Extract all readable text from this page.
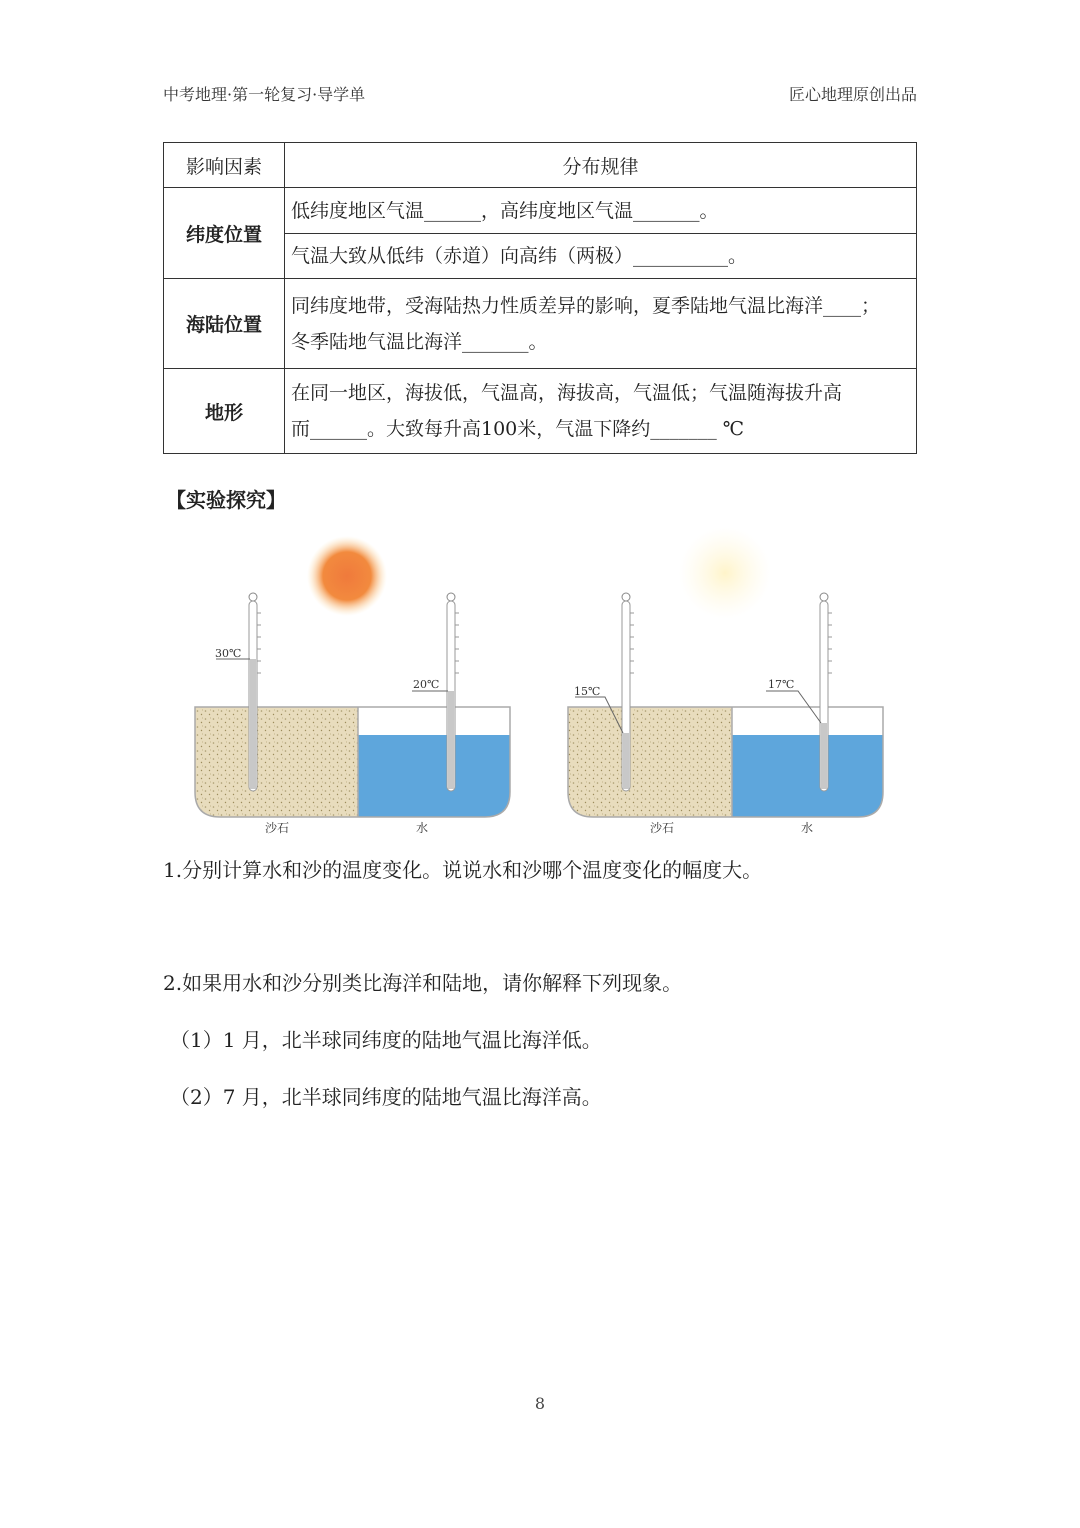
中考地理·第一轮复习·导学单	匠心地理原创出品
影响因素	分布规律
纬度位置	低纬度地区气温______，高纬度地区气温_______。
	气温大致从低纬（赤道）向高纬（两极）__________。
海陆位置	同纬度地带，受海陆热力性质差异的影响，夏季陆地气温比海洋____；
冬季陆地气温比海洋_______。

地形	在同一地区，海拔低，气温高，海拔高，气温低；气温随海拔升高
而______。大致每升高100米，气温下降约_______ ℃
【实验探究】
30℃
20℃
沙石	水
15℃
17℃
沙石	水
1.分别计算水和沙的温度变化。说说水和沙哪个温度变化的幅度大。
2.如果用水和沙分别类比海洋和陆地，请你解释下列现象。
（1）1 月，北半球同纬度的陆地气温比海洋低。
（2）7 月，北半球同纬度的陆地气温比海洋高。
8
